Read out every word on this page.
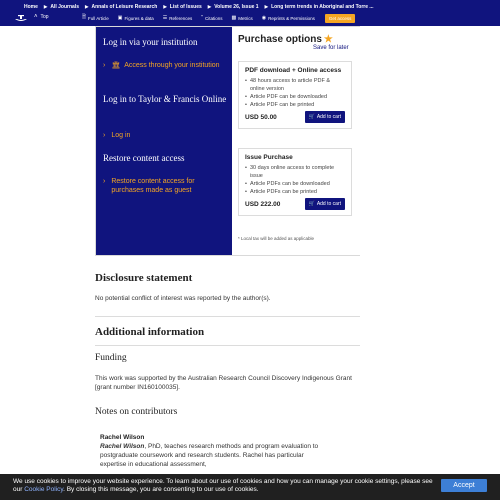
Home ▶ All Journals ▶ Annals of Leisure Research ▶ List of Issues ▶ Volume 26, Issue 1 ▶ Long term trends in Aboriginal and Torre ...
˄ Top	🗎 Full Article ▣ Figures & data ☰ References “ Citations ▩ Metrics ◉ Reprints & Permissions	Get access
Log in via your institution
› 🏛 Access through your institution
Log in to Taylor & Francis Online
› Log in
Restore content access
› Restore content access for purchases made as guest
Purchase options ★
Save for later
PDF download + Online access
• 48 hours access to article PDF & online version
• Article PDF can be downloaded
• Article PDF can be printed
USD 50.00	🛒 Add to cart
Issue Purchase
• 30 days online access to complete issue
• Article PDFs can be downloaded
• Article PDFs can be printed
USD 222.00	🛒 Add to cart
* Local tax will be added as applicable
Disclosure statement
No potential conflict of interest was reported by the author(s).
Additional information
Funding
This work was supported by the Australian Research Council Discovery Indigenous Grant [grant number IN160100035].
Notes on contributors
Rachel Wilson
Rachel Wilson, PhD, teaches research methods and program evaluation to postgraduate coursework and research students. Rachel has particular expertise in educational assessment,
We use cookies to improve your website experience. To learn about our use of cookies and how you can manage your cookie settings, please see our Cookie Policy. By closing this message, you are consenting to our use of cookies.
Accept
